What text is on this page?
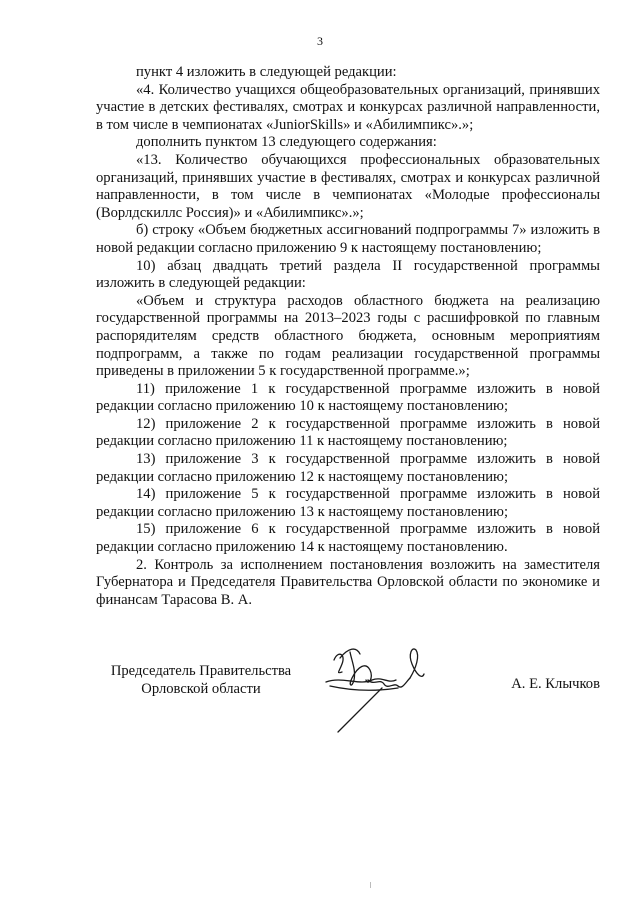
3

пункт 4 изложить в следующей редакции:

«4. Количество учащихся общеобразовательных организаций, принявших участие в детских фестивалях, смотрах и конкурсах различной направленности, в том числе в чемпионатах «JuniorSkills» и «Абилимпикс».»;

дополнить пунктом 13 следующего содержания:

«13. Количество обучающихся профессиональных образовательных организаций, принявших участие в фестивалях, смотрах и конкурсах различной направленности, в том числе в чемпионатах «Молодые профессионалы (Ворлдскиллс Россия)» и «Абилимпикс».»;

б) строку «Объем бюджетных ассигнований подпрограммы 7» изложить в новой редакции согласно приложению 9 к настоящему постановлению;

10) абзац двадцать третий раздела II государственной программы изложить в следующей редакции:

«Объем и структура расходов областного бюджета на реализацию государственной программы на 2013–2023 годы с расшифровкой по главным распорядителям средств областного бюджета, основным мероприятиям подпрограмм, а также по годам реализации государственной программы приведены в приложении 5 к государственной программе.»;

11) приложение 1 к государственной программе изложить в новой редакции согласно приложению 10 к настоящему постановлению;

12) приложение 2 к государственной программе изложить в новой редакции согласно приложению 11 к настоящему постановлению;

13) приложение 3 к государственной программе изложить в новой редакции согласно приложению 12 к настоящему постановлению;

14) приложение 5 к государственной программе изложить в новой редакции согласно приложению 13 к настоящему постановлению;

15) приложение 6 к государственной программе изложить в новой редакции согласно приложению 14 к настоящему постановлению.

2. Контроль за исполнением постановления возложить на заместителя Губернатора и Председателя Правительства Орловской области по экономике и финансам Тарасова В. А.

Председатель Правительства
Орловской области	А. Е. Клычков
